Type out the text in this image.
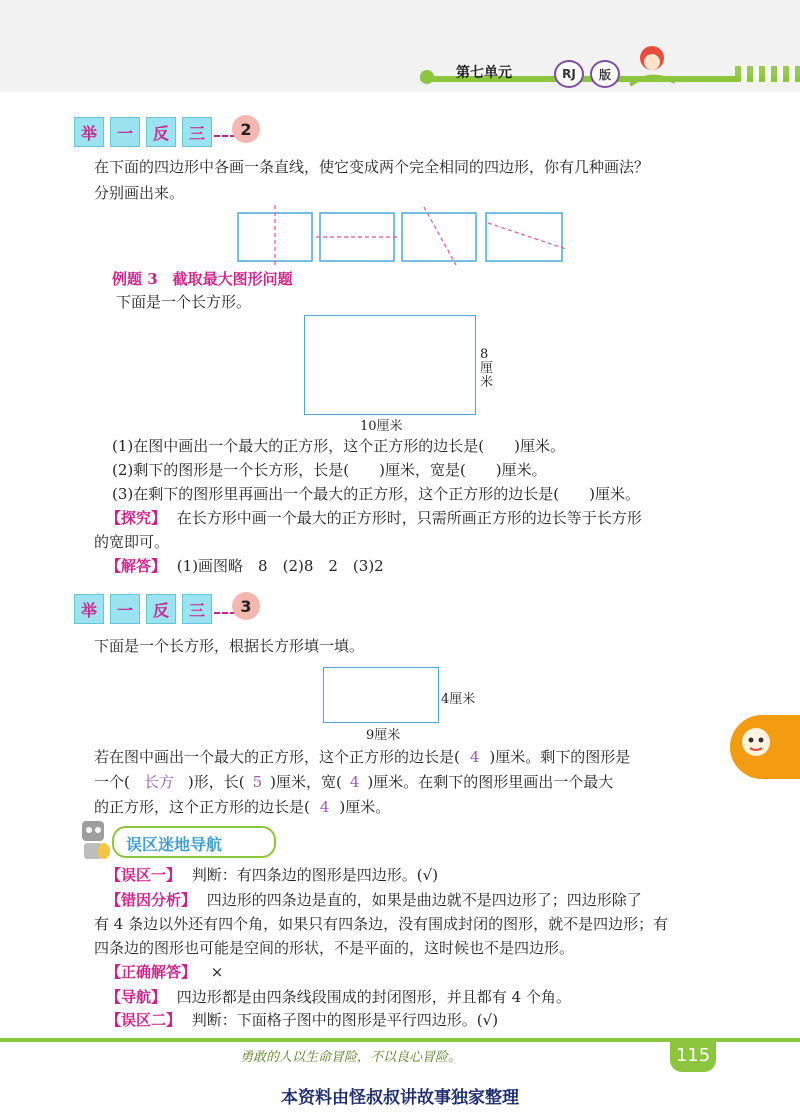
第七单元	RJ	版
举	一	反	三	2
在下面的四边形中各画一条直线，使它变成两个完全相同的四边形，你有几种画法？
分别画出来。
例题 3　截取最大图形问题
下面是一个长方形。
8
厘
米
10厘米
(1)在图中画出一个最大的正方形，这个正方形的边长是(　　)厘米。
(2)剩下的图形是一个长方形，长是(　　)厘米，宽是(　　)厘米。
(3)在剩下的图形里再画出一个最大的正方形，这个正方形的边长是(　　)厘米。
【探究】 在长方形中画一个最大的正方形时，只需所画正方形的边长等于长方形
的宽即可。
【解答】 (1)画图略　8　(2)8　2　(3)2
举	一	反	三	3
下面是一个长方形，根据长方形填一填。
4厘米
9厘米
若在图中画出一个最大的正方形，这个正方形的边长是( 4 )厘米。剩下的图形是
一个( 长方 )形，长( 5 )厘米，宽( 4 )厘米。在剩下的图形里画出一个最大
的正方形，这个正方形的边长是( 4 )厘米。
误区迷地导航
【误区一】 判断：有四条边的图形是四边形。(√)
【错因分析】 四边形的四条边是直的，如果是曲边就不是四边形了；四边形除了
有 4 条边以外还有四个角，如果只有四条边，没有围成封闭的图形，就不是四边形；有
四条边的图形也可能是空间的形状，不是平面的，这时候也不是四边形。
【正确解答】 ×
【导航】 四边形都是由四条线段围成的封闭图形，并且都有 4 个角。
【误区二】 判断：下面格子图中的图形是平行四边形。(√)
勇敢的人以生命冒险，不以良心冒险。	115
本资料由怪叔叔讲故事独家整理
